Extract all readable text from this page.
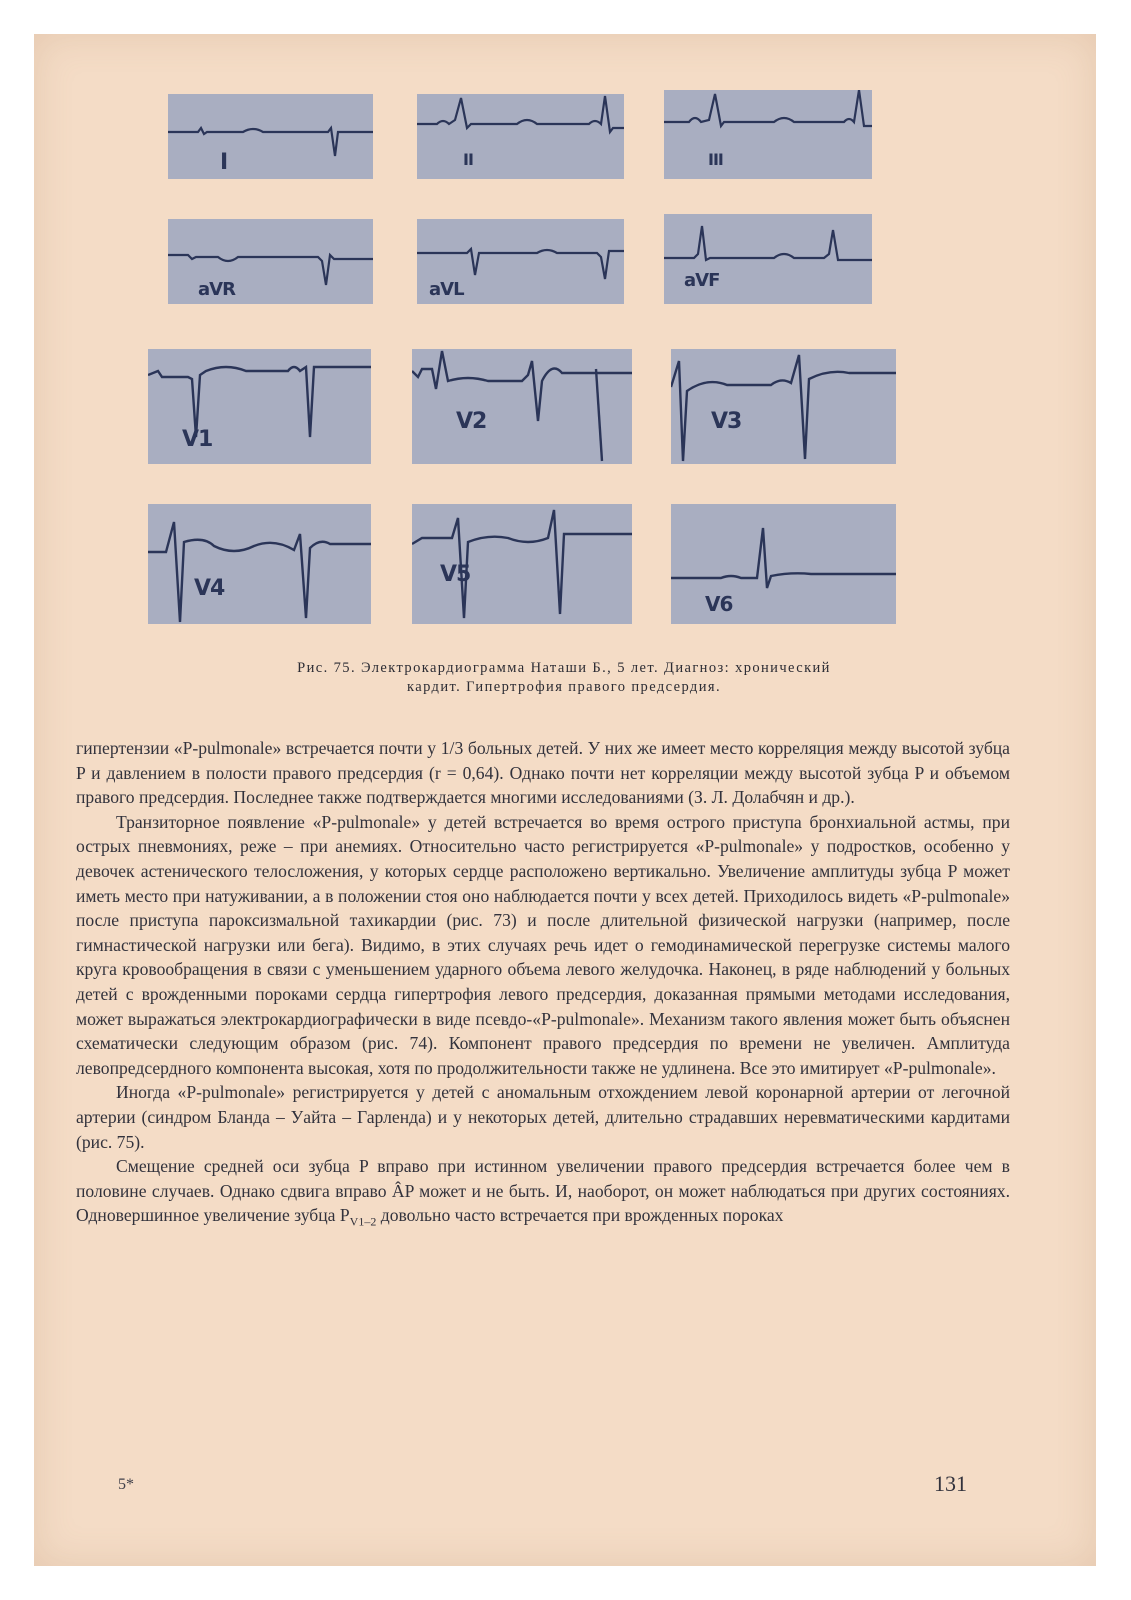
I	II	III
aVR	aVL	aVF
V1
V2	V3
V4
V5
V6
Рис. 75. Электрокардиограмма Наташи Б., 5 лет. Диагноз: хронический
кардит. Гипертрофия правого предсердия.

гипертензии «P-pulmonale» встречается почти у 1/3 больных детей. У них же имеет место корреляция между высотой зубца P и давлением в полости правого предсердия (r = 0,64). Однако почти нет корреляции между высотой зубца P и объемом правого предсердия. Последнее также подтверждается многими исследованиями (З. Л. Долабчян и др.).

Транзиторное появление «P-pulmonale» у детей встречается во время острого приступа бронхиальной астмы, при острых пневмониях, реже – при анемиях. Относительно часто регистрируется «P-pulmonale» у подростков, особенно у девочек астенического телосложения, у которых сердце расположено вертикально. Увеличение амплитуды зубца P может иметь место при натуживании, а в положении стоя оно наблюдается почти у всех детей. Приходилось видеть «P-pulmonale» после приступа пароксизмальной тахикардии (рис. 73) и после длительной физической нагрузки (например, после гимнастической нагрузки или бега). Видимо, в этих случаях речь идет о гемодинамической перегрузке системы малого круга кровообращения в связи с уменьшением ударного объема левого желудочка. Наконец, в ряде наблюдений у больных детей с врожденными пороками сердца гипертрофия левого предсердия, доказанная прямыми методами исследования, может выражаться электрокардиографически в виде псевдо-«P-pulmonale». Механизм такого явления может быть объяснен схематически следующим образом (рис. 74). Компонент правого предсердия по времени не увеличен. Амплитуда левопредсердного компонента высокая, хотя по продолжительности также не удлинена. Все это имитирует «P-pulmonale».

Иногда «P-pulmonale» регистрируется у детей с аномальным отхождением левой коронарной артерии от легочной артерии (синдром Бланда – Уайта – Гарленда) и у некоторых детей, длительно страдавших неревматическими кардитами (рис. 75).

Смещение средней оси зубца P вправо при истинном увеличении правого предсердия встречается более чем в половине случаев. Однако сдвига вправо ÂP может и не быть. И, наоборот, он может наблюдаться при других состояниях. Одновершинное увеличение зубца $P_{V1-2}$ довольно часто встречается при врожденных пороках

5*	131
